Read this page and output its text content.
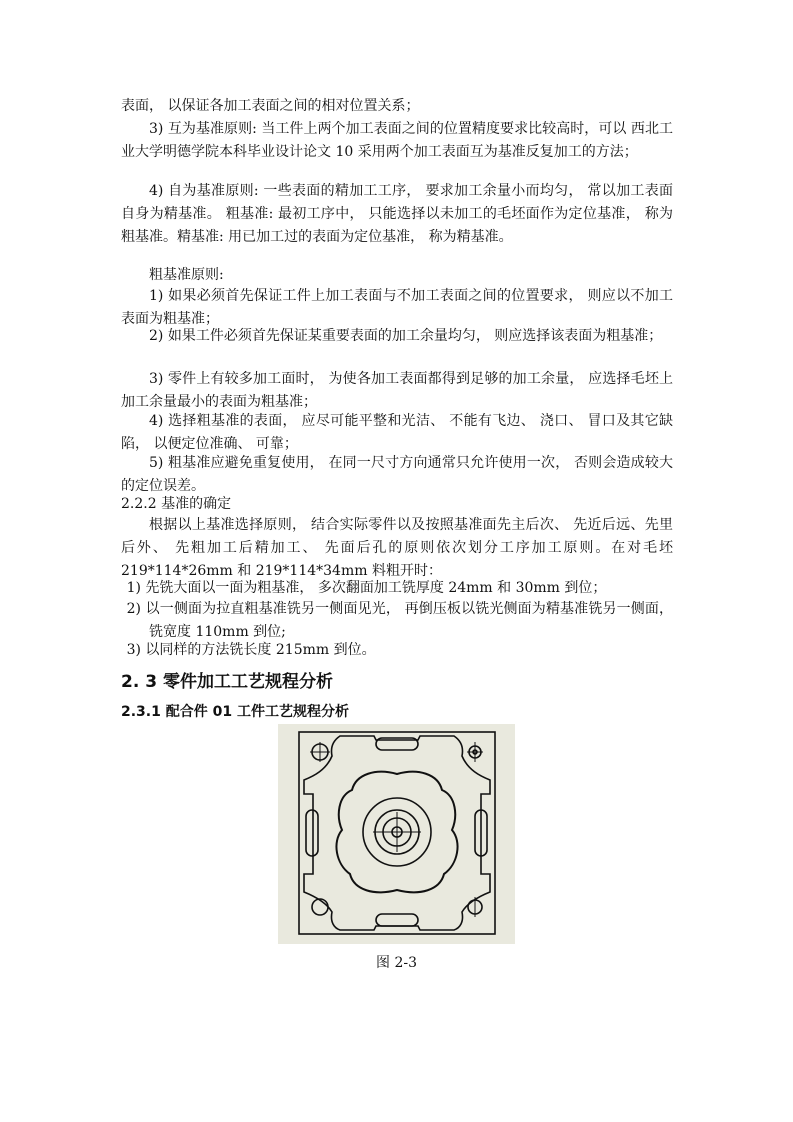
表面， 以保证各加工表面之间的相对位置关系；

3) 互为基准原则: 当工件上两个加工表面之间的位置精度要求比较高时，可以 西北工业大学明德学院本科毕业设计论文 10 采用两个加工表面互为基准反复加工的方法；

4) 自为基准原则: 一些表面的精加工工序， 要求加工余量小而均匀， 常以加工表面自身为精基准。 粗基准: 最初工序中， 只能选择以未加工的毛坯面作为定位基准， 称为粗基准。精基准: 用已加工过的表面为定位基准， 称为精基准。

粗基准原则:

1) 如果必须首先保证工件上加工表面与不加工表面之间的位置要求， 则应以不加工表面为粗基准；

2) 如果工件必须首先保证某重要表面的加工余量均匀， 则应选择该表面为粗基准；

3) 零件上有较多加工面时， 为使各加工表面都得到足够的加工余量， 应选择毛坯上加工余量最小的表面为粗基准；

4) 选择粗基准的表面， 应尽可能平整和光洁、 不能有飞边、 浇口、 冒口及其它缺陷， 以便定位准确、 可靠；

5) 粗基准应避免重复使用， 在同一尺寸方向通常只允许使用一次， 否则会造成较大的定位误差。

2.2.2 基准的确定

根据以上基准选择原则， 结合实际零件以及按照基准面先主后次、 先近后远、先里后外、 先粗加工后精加工、 先面后孔的原则依次划分工序加工原则。在对毛坯 219*114*26mm 和 219*114*34mm 料粗开时：

1) 先铣大面以一面为粗基准， 多次翻面加工铣厚度 24mm 和 30mm 到位；

2) 以一侧面为拉直粗基准铣另一侧面见光， 再倒压板以铣光侧面为精基准铣另一侧面， 铣宽度 110mm 到位;

3) 以同样的方法铣长度 215mm 到位。

2. 3 零件加工工艺规程分析
2.3.1 配合件 01 工件工艺规程分析
图 2-3
